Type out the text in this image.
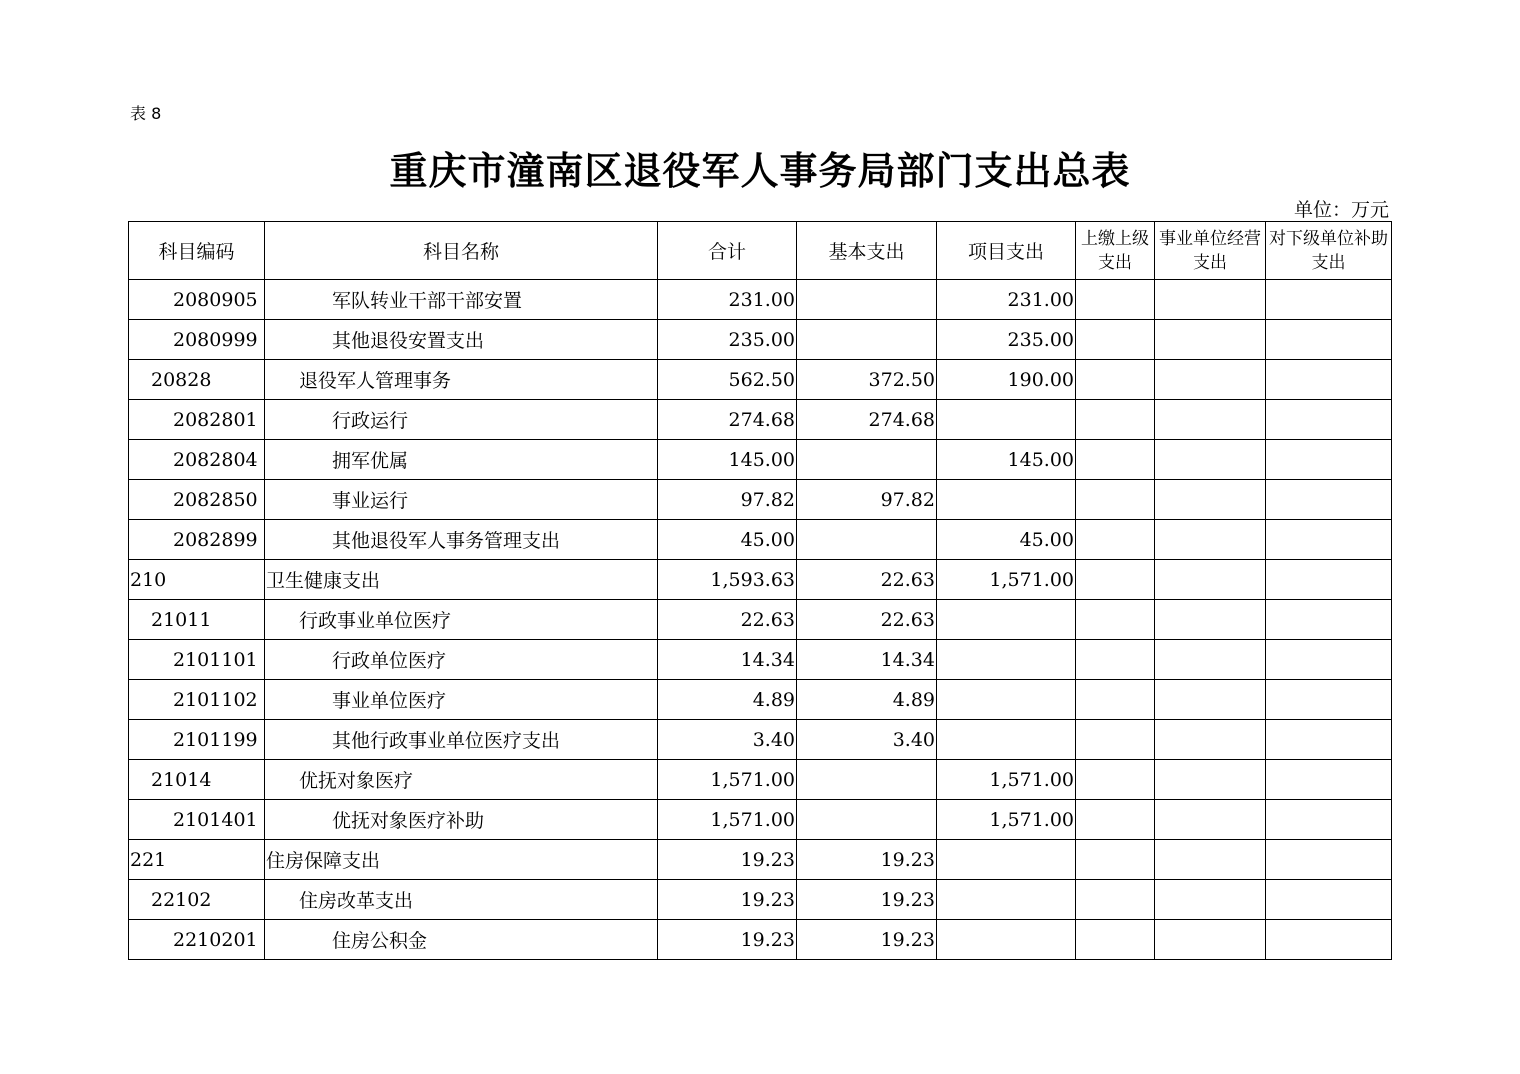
表 8
重庆市潼南区退役军人事务局部门支出总表
单位：万元
科目编码	科目名称	合计	基本支出	项目支出	上缴上级支出	事业单位经营支出	对下级单位补助支出
2080905	军队转业干部干部安置	231.00		231.00			
2080999	其他退役安置支出	235.00		235.00			
20828	退役军人管理事务	562.50	372.50	190.00			
2082801	行政运行	274.68	274.68				
2082804	拥军优属	145.00		145.00			
2082850	事业运行	97.82	97.82				
2082899	其他退役军人事务管理支出	45.00		45.00			
210	卫生健康支出	1,593.63	22.63	1,571.00			
21011	行政事业单位医疗	22.63	22.63				
2101101	行政单位医疗	14.34	14.34				
2101102	事业单位医疗	4.89	4.89				
2101199	其他行政事业单位医疗支出	3.40	3.40				
21014	优抚对象医疗	1,571.00		1,571.00			
2101401	优抚对象医疗补助	1,571.00		1,571.00			
221	住房保障支出	19.23	19.23				
22102	住房改革支出	19.23	19.23				
2210201	住房公积金	19.23	19.23				
